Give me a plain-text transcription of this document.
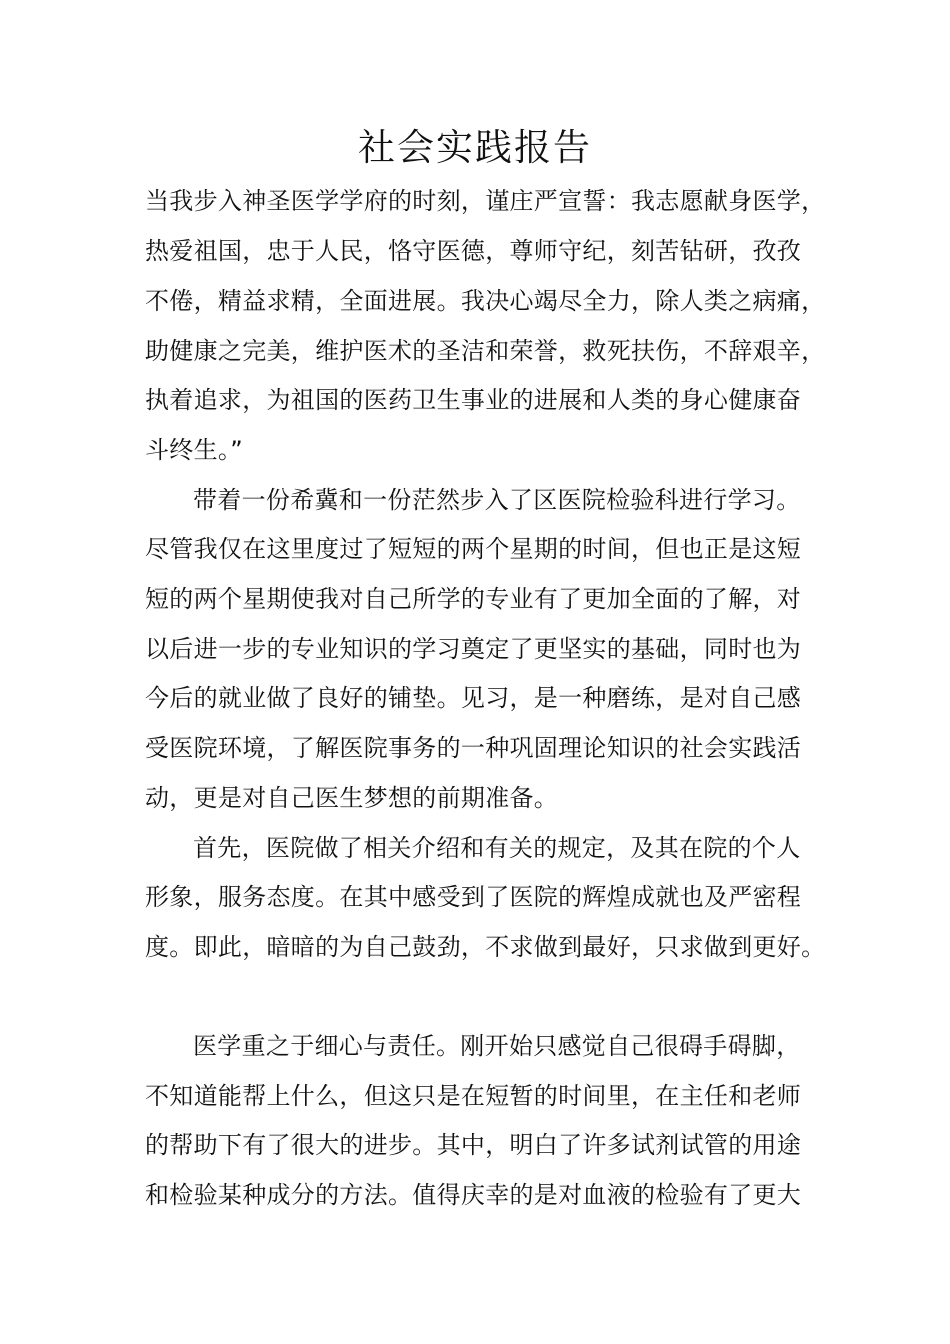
社会实践报告
当我步入神圣医学学府的时刻，谨庄严宣誓：我志愿献身医学，
热爱祖国，忠于人民，恪守医德，尊师守纪，刻苦钻研，孜孜
不倦，精益求精，全面进展。我决心竭尽全力，除人类之病痛，
助健康之完美，维护医术的圣洁和荣誉，救死扶伤，不辞艰辛，
执着追求，为祖国的医药卫生事业的进展和人类的身心健康奋
斗终生。”
带着一份希冀和一份茫然步入了区医院检验科进行学习。
尽管我仅在这里度过了短短的两个星期的时间，但也正是这短
短的两个星期使我对自己所学的专业有了更加全面的了解，对
以后进一步的专业知识的学习奠定了更坚实的基础，同时也为
今后的就业做了良好的铺垫。见习，是一种磨练，是对自己感
受医院环境，了解医院事务的一种巩固理论知识的社会实践活
动，更是对自己医生梦想的前期准备。
首先，医院做了相关介绍和有关的规定，及其在院的个人
形象，服务态度。在其中感受到了医院的辉煌成就也及严密程
度。即此，暗暗的为自己鼓劲，不求做到最好，只求做到更好。
医学重之于细心与责任。刚开始只感觉自己很碍手碍脚，
不知道能帮上什么，但这只是在短暂的时间里，在主任和老师
的帮助下有了很大的进步。其中，明白了许多试剂试管的用途
和检验某种成分的方法。值得庆幸的是对血液的检验有了更大
